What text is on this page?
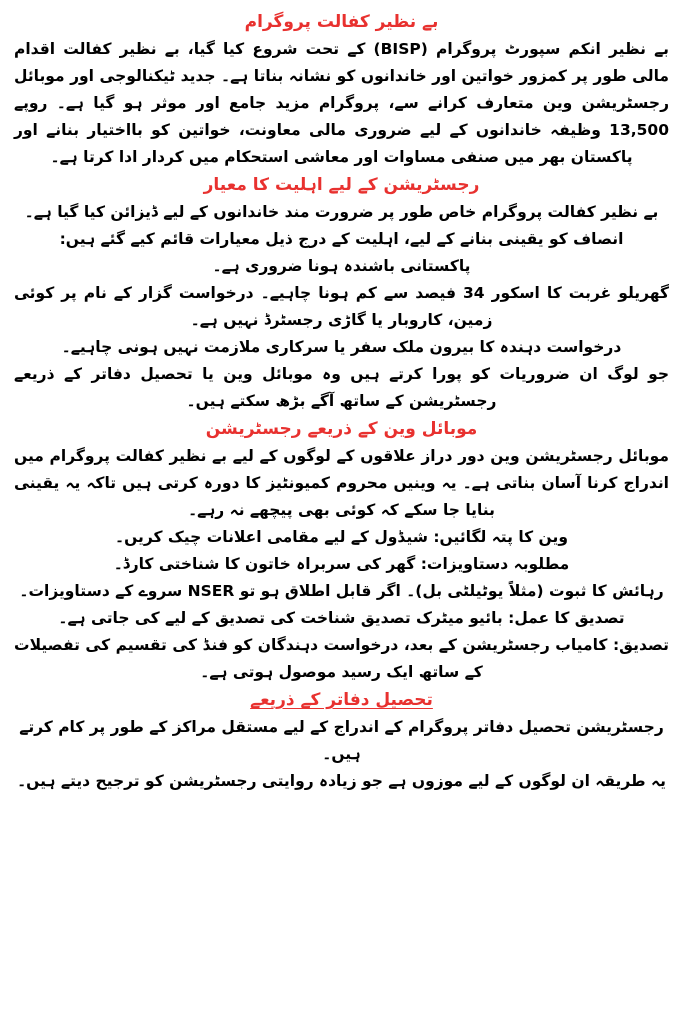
بے نظیر کفالت پروگرام

بے نظیر انکم سپورٹ پروگرام (BISP) کے تحت شروع کیا گیا، بے نظیر کفالت اقدام مالی طور پر کمزور خواتین اور خاندانوں کو نشانہ بناتا ہے۔ جدید ٹیکنالوجی اور موبائل رجسٹریشن وین متعارف کرانے سے، پروگرام مزید جامع اور موثر ہو گیا ہے۔ روپے 13,500 وظیفہ خاندانوں کے لیے ضروری مالی معاونت، خواتین کو بااختیار بنانے اور پاکستان بھر میں صنفی مساوات اور معاشی استحکام میں کردار ادا کرتا ہے۔

رجسٹریشن کے لیے اہلیت کا معیار

بے نظیر کفالت پروگرام خاص طور پر ضرورت مند خاندانوں کے لیے ڈیزائن کیا گیا ہے۔

انصاف کو یقینی بنانے کے لیے، اہلیت کے درج ذیل معیارات قائم کیے گئے ہیں:

پاکستانی باشندہ ہونا ضروری ہے۔

گھریلو غربت کا اسکور 34 فیصد سے کم ہونا چاہیے۔ درخواست گزار کے نام پر کوئی زمین، کاروبار یا گاڑی رجسٹرڈ نہیں ہے۔

درخواست دہندہ کا بیرون ملک سفر یا سرکاری ملازمت نہیں ہونی چاہیے۔

جو لوگ ان ضروریات کو پورا کرتے ہیں وہ موبائل وین یا تحصیل دفاتر کے ذریعے رجسٹریشن کے ساتھ آگے بڑھ سکتے ہیں۔

موبائل وین کے ذریعے رجسٹریشن

موبائل رجسٹریشن وین دور دراز علاقوں کے لوگوں کے لیے بے نظیر کفالت پروگرام میں اندراج کرنا آسان بناتی ہے۔ یہ وینیں محروم کمیونٹیز کا دورہ کرتی ہیں تاکہ یہ یقینی بنایا جا سکے کہ کوئی بھی پیچھے نہ رہے۔

وین کا پتہ لگائیں: شیڈول کے لیے مقامی اعلانات چیک کریں۔

مطلوبہ دستاویزات: گھر کی سربراہ خاتون کا شناختی کارڈ۔

رہائش کا ثبوت (مثلاً یوٹیلٹی بل)۔ اگر قابل اطلاق ہو تو NSER سروے کے دستاویزات۔

تصدیق کا عمل: بائیو میٹرک تصدیق شناخت کی تصدیق کے لیے کی جاتی ہے۔

تصدیق: کامیاب رجسٹریشن کے بعد، درخواست دہندگان کو فنڈ کی تقسیم کی تفصیلات کے ساتھ ایک رسید موصول ہوتی ہے۔

تحصیل دفاتر کے ذریعے

رجسٹریشن تحصیل دفاتر پروگرام کے اندراج کے لیے مستقل مراکز کے طور پر کام کرتے ہیں۔

یہ طریقہ ان لوگوں کے لیے موزوں ہے جو زیادہ روایتی رجسٹریشن کو ترجیح دیتے ہیں۔
